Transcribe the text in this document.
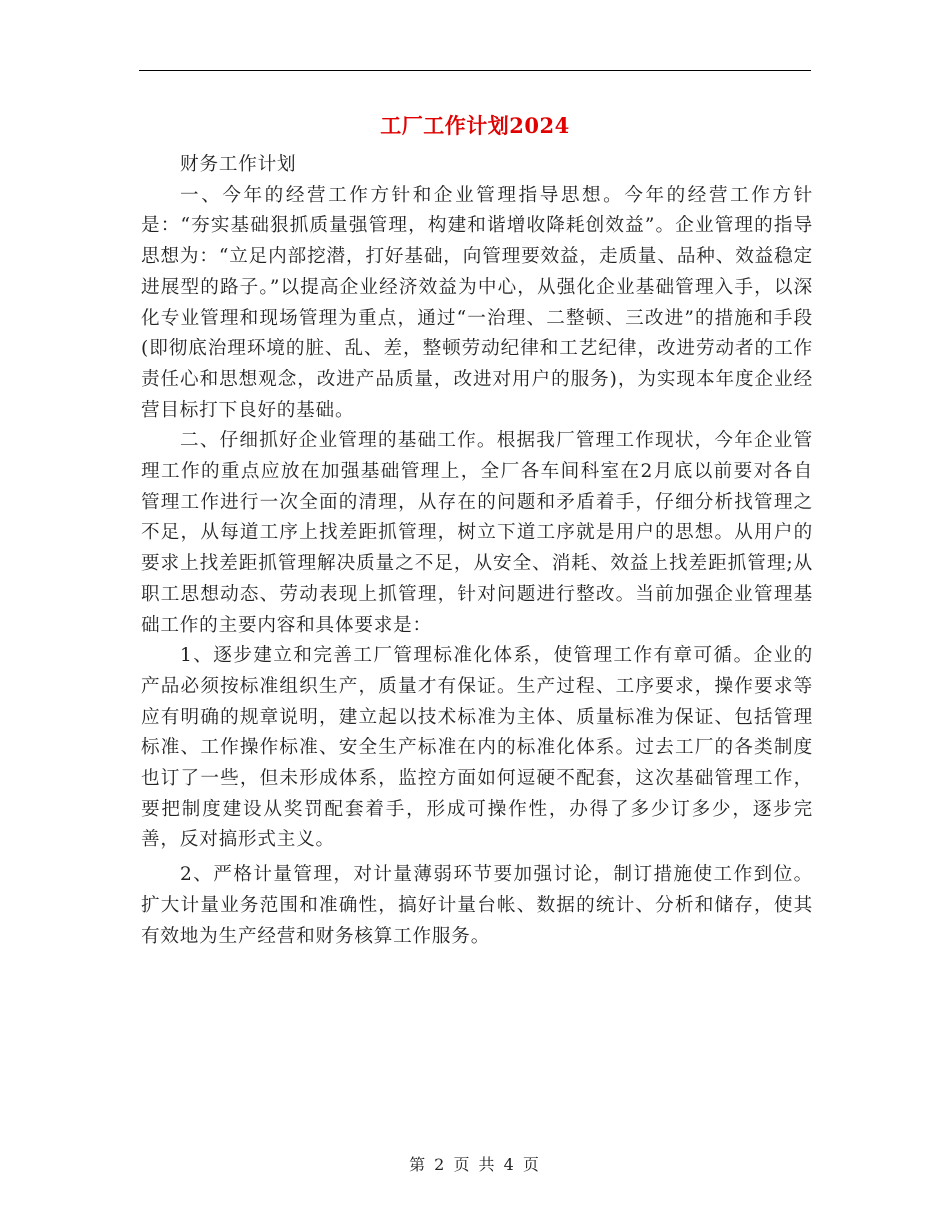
工厂工作计划2024

财务工作计划

一、今年的经营工作方针和企业管理指导思想。今年的经营工作方针是：“夯实基础狠抓质量强管理，构建和谐增收降耗创效益”。企业管理的指导思想为：“立足内部挖潜，打好基础，向管理要效益，走质量、品种、效益稳定进展型的路子。”以提高企业经济效益为中心，从强化企业基础管理入手，以深化专业管理和现场管理为重点，通过“一治理、二整顿、三改进”的措施和手段(即彻底治理环境的脏、乱、差，整顿劳动纪律和工艺纪律，改进劳动者的工作责任心和思想观念，改进产品质量，改进对用户的服务)，为实现本年度企业经营目标打下良好的基础。

二、仔细抓好企业管理的基础工作。根据我厂管理工作现状，今年企业管理工作的重点应放在加强基础管理上，全厂各车间科室在2月底以前要对各自管理工作进行一次全面的清理，从存在的问题和矛盾着手，仔细分析找管理之不足，从每道工序上找差距抓管理，树立下道工序就是用户的思想。从用户的要求上找差距抓管理解决质量之不足，从安全、消耗、效益上找差距抓管理;从职工思想动态、劳动表现上抓管理，针对问题进行整改。当前加强企业管理基础工作的主要内容和具体要求是：

1、逐步建立和完善工厂管理标准化体系，使管理工作有章可循。企业的产品必须按标准组织生产，质量才有保证。生产过程、工序要求，操作要求等应有明确的规章说明，建立起以技术标准为主体、质量标准为保证、包括管理标准、工作操作标准、安全生产标准在内的标准化体系。过去工厂的各类制度也订了一些，但未形成体系，监控方面如何逗硬不配套，这次基础管理工作，要把制度建设从奖罚配套着手，形成可操作性，办得了多少订多少，逐步完善，反对搞形式主义。

2、严格计量管理，对计量薄弱环节要加强讨论，制订措施使工作到位。扩大计量业务范围和准确性，搞好计量台帐、数据的统计、分析和储存，使其有效地为生产经营和财务核算工作服务。

第 2 页 共 4 页
